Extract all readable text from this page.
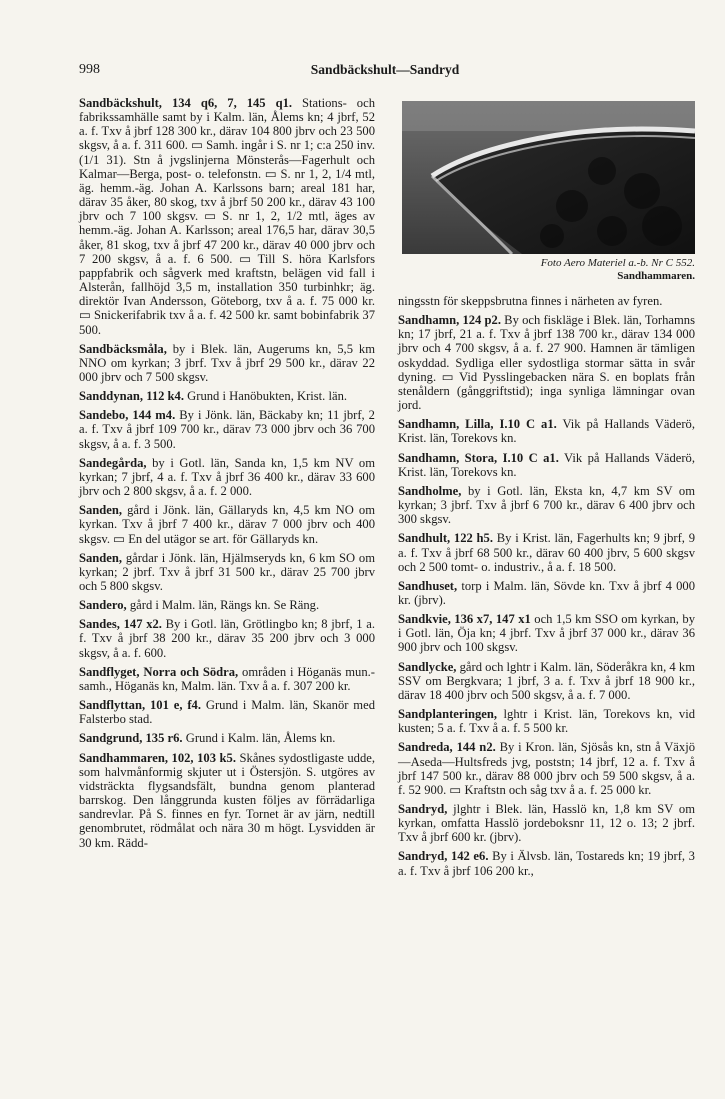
998	Sandbäckshult—Sandryd

Sandbäckshult, 134 q6, 7, 145 q1. Stations- och fabrikssamhälle samt by i Kalm. län, Ålems kn; 4 jbrf, 52 a. f. Txv å jbrf 128 300 kr., därav 104 800 jbrv och 23 500 skgsv, å a. f. 311 600. ▭ Samh. ingår i S. nr 1; c:a 250 inv. (1/1 31). Stn å jvgslinjerna Mönsterås—Fagerhult och Kalmar—Berga, post- o. telefonstn. ▭ S. nr 1, 2, 1/4 mtl, äg. hemm.-äg. Johan A. Karlssons barn; areal 181 har, därav 35 åker, 80 skog, txv å jbrf 50 200 kr., därav 43 100 jbrv och 7 100 skgsv. ▭ S. nr 1, 2, 1/2 mtl, äges av hemm.-äg. Johan A. Karlsson; areal 176,5 har, därav 30,5 åker, 81 skog, txv å jbrf 47 200 kr., därav 40 000 jbrv och 7 200 skgsv, å a. f. 6 500. ▭ Till S. höra Karlsfors pappfabrik och sågverk med kraftstn, belägen vid fall i Alsterån, fallhöjd 3,5 m, installation 350 turbinhkr; äg. direktör Ivan Andersson, Göteborg, txv å a. f. 75 000 kr. ▭ Snickerifabrik txv å a. f. 42 500 kr. samt bobinfabrik 37 500.

Sandbäcksmåla, by i Blek. län, Augerums kn, 5,5 km NNO om kyrkan; 3 jbrf. Txv å jbrf 29 500 kr., därav 22 000 jbrv och 7 500 skgsv.

Sanddynan, 112 k4. Grund i Hanöbukten, Krist. län.

Sandebo, 144 m4. By i Jönk. län, Bäckaby kn; 11 jbrf, 2 a. f. Txv å jbrf 109 700 kr., därav 73 000 jbrv och 36 700 skgsv, å a. f. 3 500.

Sandegårda, by i Gotl. län, Sanda kn, 1,5 km NV om kyrkan; 7 jbrf, 4 a. f. Txv å jbrf 36 400 kr., därav 33 600 jbrv och 2 800 skgsv, å a. f. 2 000.

Sanden, gård i Jönk. län, Gällaryds kn, 4,5 km NO om kyrkan. Txv å jbrf 7 400 kr., därav 7 000 jbrv och 400 skgsv. ▭ En del utägor se art. för Gällaryds kn.

Sanden, gårdar i Jönk. län, Hjälmseryds kn, 6 km SO om kyrkan; 2 jbrf. Txv å jbrf 31 500 kr., därav 25 700 jbrv och 5 800 skgsv.

Sandero, gård i Malm. län, Rängs kn. Se Räng.

Sandes, 147 x2. By i Gotl. län, Grötlingbo kn; 8 jbrf, 1 a. f. Txv å jbrf 38 200 kr., därav 35 200 jbrv och 3 000 skgsv, å a. f. 600.

Sandflyget, Norra och Södra, områden i Höganäs mun.-samh., Höganäs kn, Malm. län. Txv å a. f. 307 200 kr.

Sandflyttan, 101 e, f4. Grund i Malm. län, Skanör med Falsterbo stad.

Sandgrund, 135 r6. Grund i Kalm. län, Ålems kn.

Sandhammaren, 102, 103 k5. Skånes sydostligaste udde, som halvmånformig skjuter ut i Östersjön. S. utgöres av vidsträckta flygsandsfält, bundna genom planterad barrskog. Den långgrunda kusten följes av förrädarliga sandrevlar. På S. finnes en fyr. Tornet är av järn, nedtill genombrutet, rödmålat och nära 30 m högt. Lysvidden är 30 km. Rädd-

Foto Aero Materiel a.-b. Nr C 552.
Sandhammaren.

ningsstn för skeppsbrutna finnes i närheten av fyren.

Sandhamn, 124 p2. By och fiskläge i Blek. län, Torhamns kn; 17 jbrf, 21 a. f. Txv å jbrf 138 700 kr., därav 134 000 jbrv och 4 700 skgsv, å a. f. 27 900. Hamnen är tämligen oskyddad. Sydliga eller sydostliga stormar sätta in svår dyning. ▭ Vid Pysslingebacken nära S. en boplats från stenåldern (gånggriftstid); inga synliga lämningar ovan jord.

Sandhamn, Lilla, I.10 C a1. Vik på Hallands Väderö, Krist. län, Torekovs kn.

Sandhamn, Stora, I.10 C a1. Vik på Hallands Väderö, Krist. län, Torekovs kn.

Sandholme, by i Gotl. län, Eksta kn, 4,7 km SV om kyrkan; 3 jbrf. Txv å jbrf 6 700 kr., därav 6 400 jbrv och 300 skgsv.

Sandhult, 122 h5. By i Krist. län, Fagerhults kn; 9 jbrf, 9 a. f. Txv å jbrf 68 500 kr., därav 60 400 jbrv, 5 600 skgsv och 2 500 tomt- o. industriv., å a. f. 18 500.

Sandhuset, torp i Malm. län, Sövde kn. Txv å jbrf 4 000 kr. (jbrv).

Sandkvie, 136 x7, 147 x1 och 1,5 km SSO om kyrkan, by i Gotl. län, Öja kn; 4 jbrf. Txv å jbrf 37 000 kr., därav 36 900 jbrv och 100 skgsv.

Sandlycke, gård och lghtr i Kalm. län, Söderåkra kn, 4 km SSV om Bergkvara; 1 jbrf, 3 a. f. Txv å jbrf 18 900 kr., därav 18 400 jbrv och 500 skgsv, å a. f. 7 000.

Sandplanteringen, lghtr i Krist. län, Torekovs kn, vid kusten; 5 a. f. Txv å a. f. 5 500 kr.

Sandreda, 144 n2. By i Kron. län, Sjösås kn, stn å Växjö—Aseda—Hultsfreds jvg, poststn; 14 jbrf, 12 a. f. Txv å jbrf 147 500 kr., därav 88 000 jbrv och 59 500 skgsv, å a. f. 52 900. ▭ Kraftstn och såg txv å a. f. 25 000 kr.

Sandryd, jlghtr i Blek. län, Hasslö kn, 1,8 km SV om kyrkan, omfatta Hasslö jordeboksnr 11, 12 o. 13; 2 jbrf. Txv å jbrf 600 kr. (jbrv).

Sandryd, 142 e6. By i Älvsb. län, Tostareds kn; 19 jbrf, 3 a. f. Txv å jbrf 106 200 kr.,
